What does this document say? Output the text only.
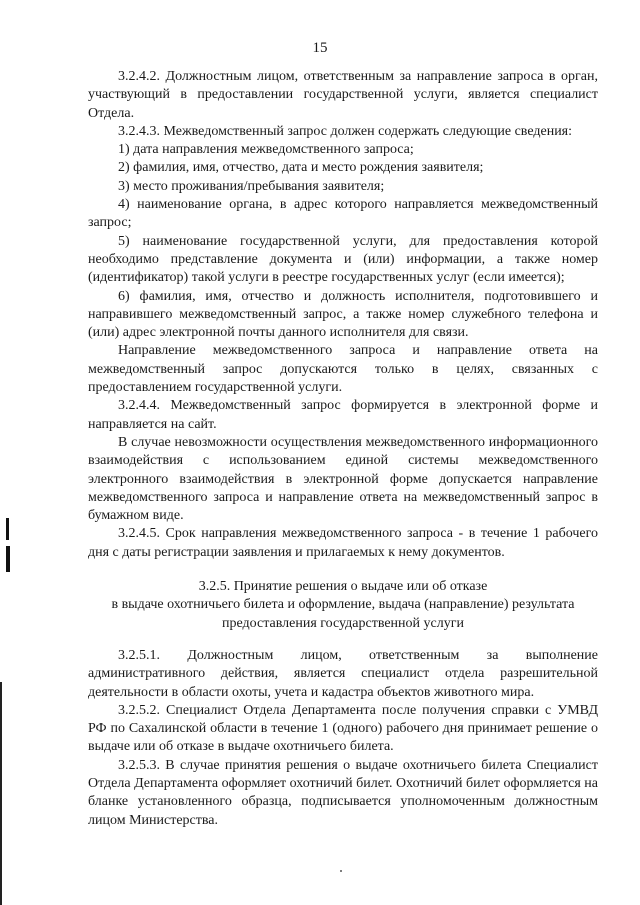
15

3.2.4.2. Должностным лицом, ответственным за направление запроса в орган, участвующий в предоставлении государственной услуги, является специалист Отдела.

3.2.4.3. Межведомственный запрос должен содержать следующие сведения:

1) дата направления межведомственного запроса;

2) фамилия, имя, отчество, дата и место рождения заявителя;

3) место проживания/пребывания заявителя;

4) наименование органа, в адрес которого направляется межведомственный запрос;

5) наименование государственной услуги, для предоставления которой необходимо представление документа и (или) информации, а также номер (идентификатор) такой услуги в реестре государственных услуг (если имеется);

6) фамилия, имя, отчество и должность исполнителя, подготовившего и направившего межведомственный запрос, а также номер служебного телефона и (или) адрес электронной почты данного исполнителя для связи.

Направление межведомственного запроса и направление ответа на межведомственный запрос допускаются только в целях, связанных с предоставлением государственной услуги.

3.2.4.4. Межведомственный запрос формируется в электронной форме и направляется на сайт.

В случае невозможности осуществления межведомственного информационного взаимодействия с использованием единой системы межведомственного электронного взаимодействия в электронной форме допускается направление межведомственного запроса и направление ответа на межведомственный запрос в бумажном виде.

3.2.4.5. Срок направления межведомственного запроса - в течение 1 рабочего дня с даты регистрации заявления и прилагаемых к нему документов.

3.2.5. Принятие решения о выдаче или об отказе
в выдаче охотничьего билета и оформление, выдача (направление) результата
предоставления государственной услуги

3.2.5.1. Должностным лицом, ответственным за выполнение административного действия, является специалист отдела разрешительной деятельности в области охоты, учета и кадастра объектов животного мира.

3.2.5.2. Специалист Отдела Департамента после получения справки с УМВД РФ по Сахалинской области в течение 1 (одного) рабочего дня принимает решение о выдаче или об отказе в выдаче охотничьего билета.

3.2.5.3. В случае принятия решения о выдаче охотничьего билета Специалист Отдела Департамента оформляет охотничий билет. Охотничий билет оформляется на бланке установленного образца, подписывается уполномоченным должностным лицом Министерства.
